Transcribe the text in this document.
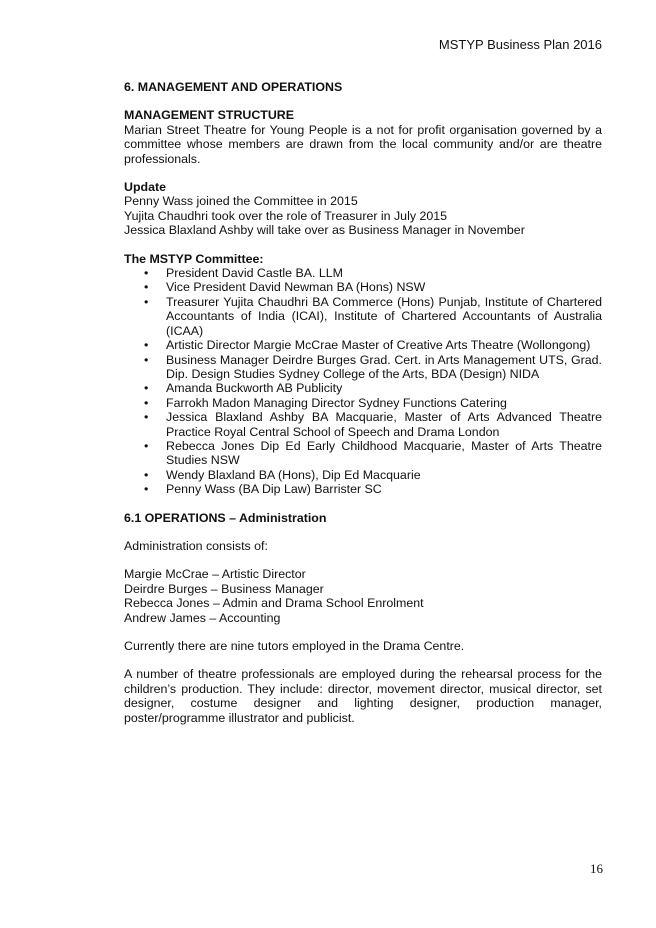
MSTYP Business Plan 2016

6. MANAGEMENT AND OPERATIONS

MANAGEMENT STRUCTURE

Marian Street Theatre for Young People is a not for profit organisation governed by a committee whose members are drawn from the local community and/or are theatre professionals.

Update

Penny Wass joined the Committee in 2015

Yujita Chaudhri took over the role of Treasurer in July 2015

Jessica Blaxland Ashby will take over as Business Manager in November

The MSTYP Committee:

• President David Castle BA. LLM
• Vice President David Newman BA (Hons) NSW
• Treasurer Yujita Chaudhri BA Commerce (Hons) Punjab, Institute of Chartered Accountants of India (ICAI), Institute of Chartered Accountants of Australia (ICAA)
• Artistic Director Margie McCrae Master of Creative Arts Theatre (Wollongong)
• Business Manager Deirdre Burges Grad. Cert. in Arts Management UTS, Grad. Dip. Design Studies Sydney College of the Arts, BDA (Design) NIDA
• Amanda Buckworth AB Publicity
• Farrokh Madon Managing Director Sydney Functions Catering
• Jessica Blaxland Ashby BA Macquarie, Master of Arts Advanced Theatre Practice Royal Central School of Speech and Drama London
• Rebecca Jones Dip Ed Early Childhood Macquarie, Master of Arts Theatre Studies NSW
• Wendy Blaxland BA (Hons), Dip Ed Macquarie
• Penny Wass (BA Dip Law) Barrister SC

6.1 OPERATIONS – Administration

Administration consists of:

Margie McCrae – Artistic Director

Deirdre Burges – Business Manager

Rebecca Jones – Admin and Drama School Enrolment

Andrew James – Accounting

Currently there are nine tutors employed in the Drama Centre.

A number of theatre professionals are employed during the rehearsal process for the children’s production. They include: director, movement director, musical director, set designer, costume designer and lighting designer, production manager, poster/programme illustrator and publicist.

16
